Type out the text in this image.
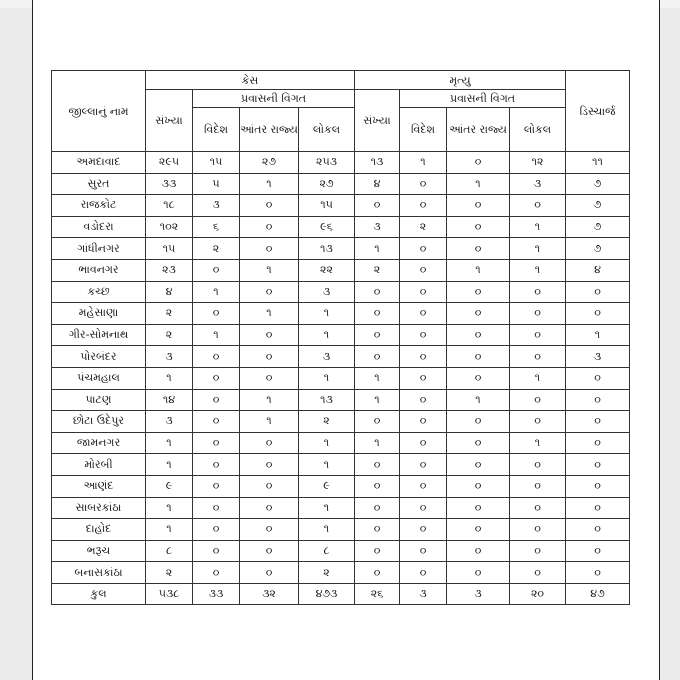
જીલ્લાનું નામ	કેસ				મૃત્યુ				ડિસ્ચાર્જ
	સંખ્યા	પ્રવાસની વિગત			સંખ્યા	પ્રવાસની વિગત			
		વિદેશ	આંતર રાજ્ય	લોકલ		વિદેશ	આંતર રાજ્ય	લોકલ	
અમદાવાદ	૨૯૫	૧૫	૨૭	૨૫૩	૧૩	૧	૦	૧૨	૧૧
સુરત	૩૩	૫	૧	૨૭	૪	૦	૧	૩	૭
રાજકોટ	૧૮	૩	૦	૧૫	૦	૦	૦	૦	૭
વડોદરા	૧૦૨	૬	૦	૯૬	૩	૨	૦	૧	૭
ગાંધીનગર	૧૫	૨	૦	૧૩	૧	૦	૦	૧	૭
ભાવનગર	૨૩	૦	૧	૨૨	૨	૦	૧	૧	૪
કચ્છ	૪	૧	૦	૩	૦	૦	૦	૦	૦
મહેસાણા	૨	૦	૧	૧	૦	૦	૦	૦	૦
ગીર-સોમનાથ	૨	૧	૦	૧	૦	૦	૦	૦	૧
પોરબંદર	૩	૦	૦	૩	૦	૦	૦	૦	૩
પંચમહાલ	૧	૦	૦	૧	૧	૦	૦	૧	૦
પાટણ	૧૪	૦	૧	૧૩	૧	૦	૧	૦	૦
છોટા ઉદેપુર	૩	૦	૧	૨	૦	૦	૦	૦	૦
જામનગર	૧	૦	૦	૧	૧	૦	૦	૧	૦
મોરબી	૧	૦	૦	૧	૦	૦	૦	૦	૦
આણંદ	૯	૦	૦	૯	૦	૦	૦	૦	૦
સાબરકાંઠા	૧	૦	૦	૧	૦	૦	૦	૦	૦
દાહોદ	૧	૦	૦	૧	૦	૦	૦	૦	૦
ભરૂચ	૮	૦	૦	૮	૦	૦	૦	૦	૦
બનાસકાંઠા	૨	૦	૦	૨	૦	૦	૦	૦	૦
કુલ	૫૩૮	૩૩	૩૨	૪૭૩	૨૬	૩	૩	૨૦	૪૭
